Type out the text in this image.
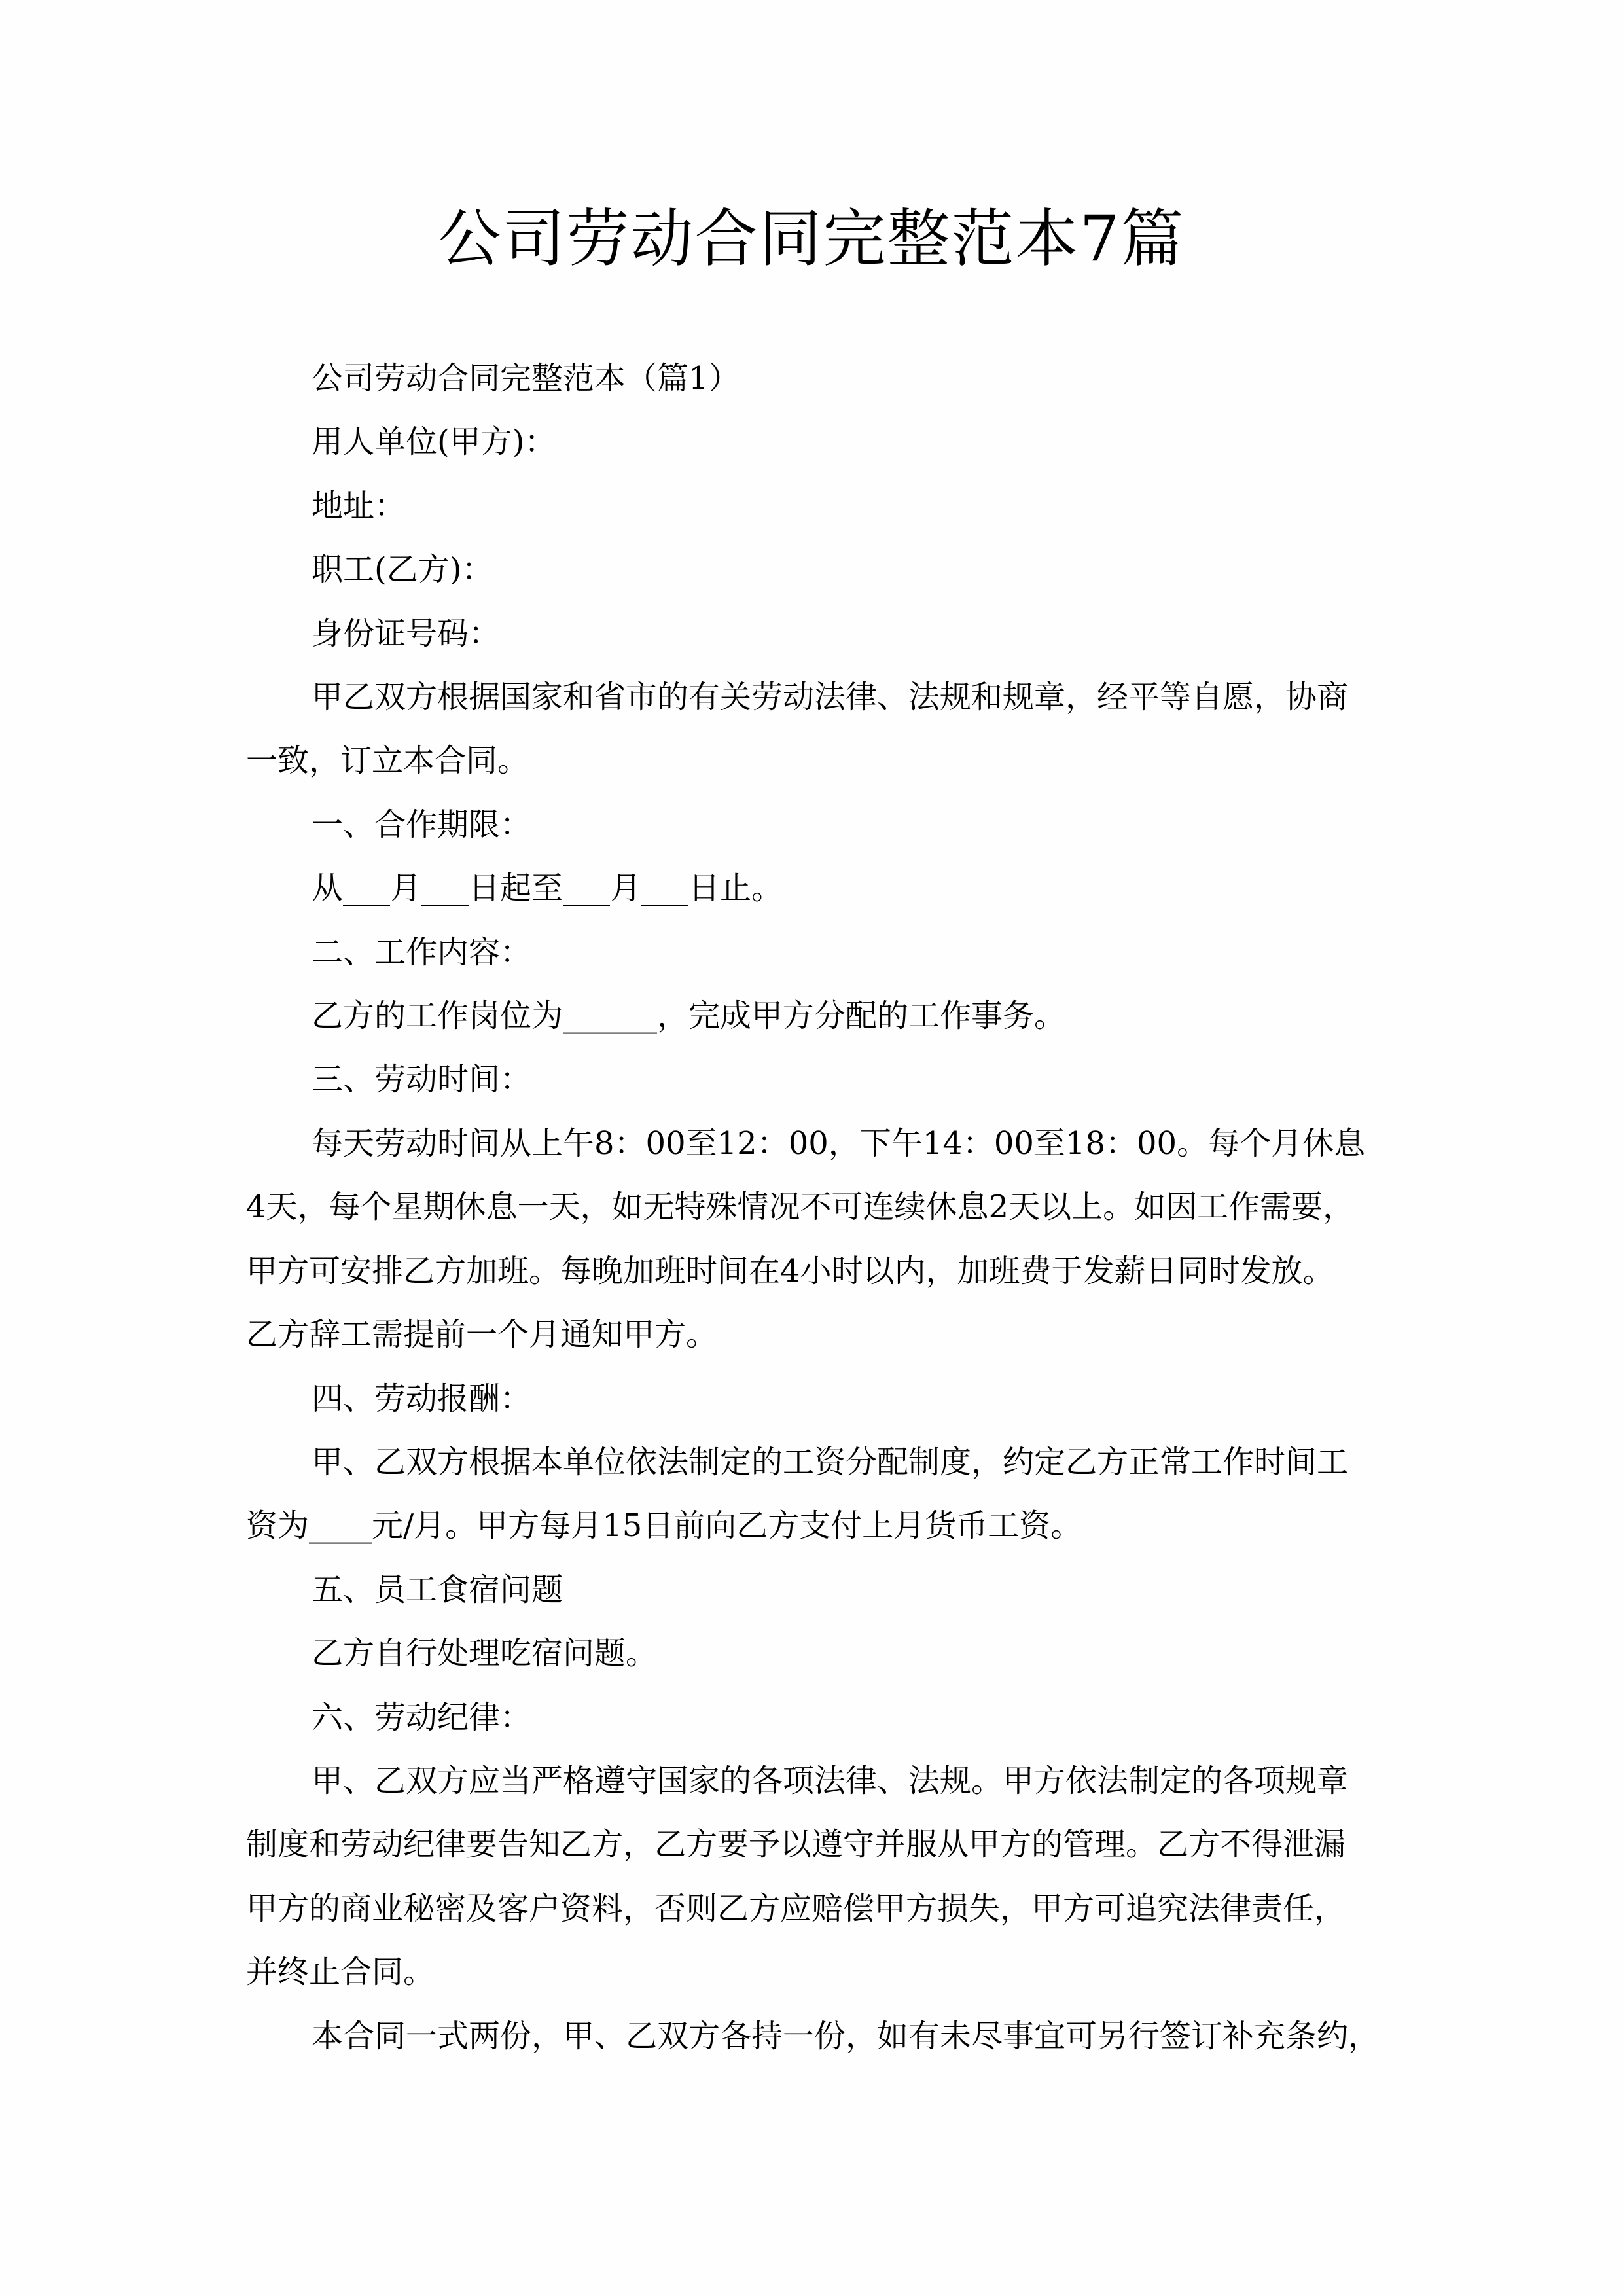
公司劳动合同完整范本7篇

公司劳动合同完整范本（篇1）

用人单位(甲方)：

地址：

职工(乙方)：

身份证号码：

甲乙双方根据国家和省市的有关劳动法律、法规和规章，经平等自愿，协商

一致，订立本合同。

一、合作期限：

从___月___日起至___月___日止。

二、工作内容：

乙方的工作岗位为______，完成甲方分配的工作事务。

三、劳动时间：

每天劳动时间从上午8：00至12：00，下午14：00至18：00。每个月休息

4天，每个星期休息一天，如无特殊情况不可连续休息2天以上。如因工作需要，

甲方可安排乙方加班。每晚加班时间在4小时以内，加班费于发薪日同时发放。

乙方辞工需提前一个月通知甲方。

四、劳动报酬：

甲、乙双方根据本单位依法制定的工资分配制度，约定乙方正常工作时间工

资为____元/月。甲方每月15日前向乙方支付上月货币工资。

五、员工食宿问题

乙方自行处理吃宿问题。

六、劳动纪律：

甲、乙双方应当严格遵守国家的各项法律、法规。甲方依法制定的各项规章

制度和劳动纪律要告知乙方，乙方要予以遵守并服从甲方的管理。乙方不得泄漏

甲方的商业秘密及客户资料，否则乙方应赔偿甲方损失，甲方可追究法律责任，

并终止合同。

本合同一式两份，甲、乙双方各持一份，如有未尽事宜可另行签订补充条约，
